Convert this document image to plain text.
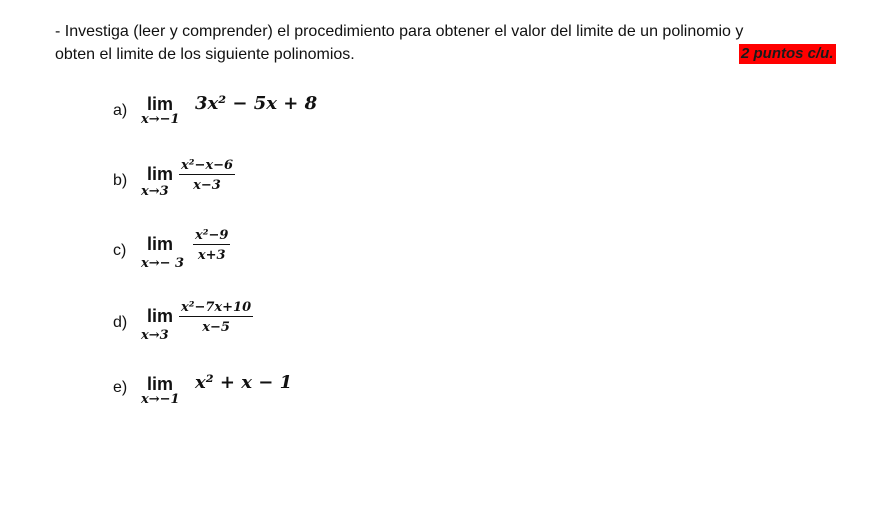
- Investiga (leer y comprender) el procedimiento para obtener el valor del limite de un polinomio y
obten el limite de los siguiente polinomios.	2 puntos c/u.
a) lim
x→−1
3x² − 5x + 8
b) lim
$x\to 3 \frac{\text{x²−x−6}}{x-3}$
c) lim
x→− 3
$\frac{\text{x²−9}}{x+3}$
d) lim
x→3
$\frac{\text{x²−7x+10}}{x-5}$
e) lim
x→−1
x² + x − 1
